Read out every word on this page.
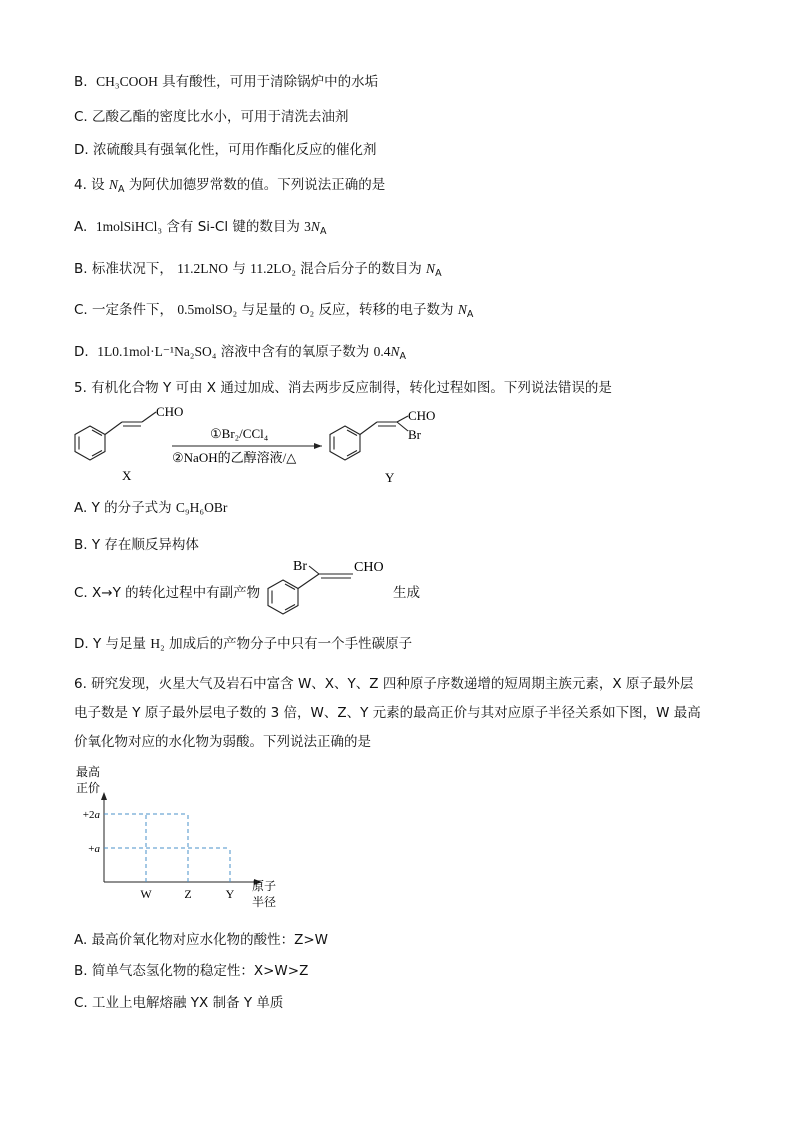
B. CH₃COOH 具有酸性，可用于清除锅炉中的水垢
C. 乙酸乙酯的密度比水小，可用于清洗去油剂
D. 浓硫酸具有强氧化性，可用作酯化反应的催化剂
4. 设 $N_A$ 为阿伏加德罗常数的值。下列说法正确的是
A. 1molSiHCl₃ 含有 Si-Cl 键的数目为 $3N_A$
B. 标准状况下， 11.2LNO 与 11.2LO₂ 混合后分子的数目为 $N_A$
C. 一定条件下， 0.5molSO₂ 与足量的 O₂ 反应，转移的电子数为 $N_A$
D. 1L0.1mol·L⁻¹Na₂SO₄ 溶液中含有的氧原子数为 $0.4N_A$
5. 有机化合物 Y 可由 X 通过加成、消去两步反应制得，转化过程如图。下列说法错误的是
CHO
X
①Br₂/CCl₄
②NaOH的乙醇溶液/△
CHO
Br
Y
A. Y 的分子式为 C₉H₆OBr
B. Y 存在顺反异构体
C. X→Y 的转化过程中有副产物
Br	CHO
生成
D. Y 与足量 H₂ 加成后的产物分子中只有一个手性碳原子
6. 研究发现，火星大气及岩石中富含 W、X、Y、Z 四种原子序数递增的短周期主族元素，X 原子最外层
电子数是 Y 原子最外层电子数的 3 倍，W、Z、Y 元素的最高正价与其对应原子半径关系如下图，W 最高
价氧化物对应的水化物为弱酸。下列说法正确的是
最高
正价
+2a
+a
W	Z	Y
原子
半径
A. 最高价氧化物对应水化物的酸性：Z>W
B. 简单气态氢化物的稳定性：X>W>Z
C. 工业上电解熔融 YX 制备 Y 单质
